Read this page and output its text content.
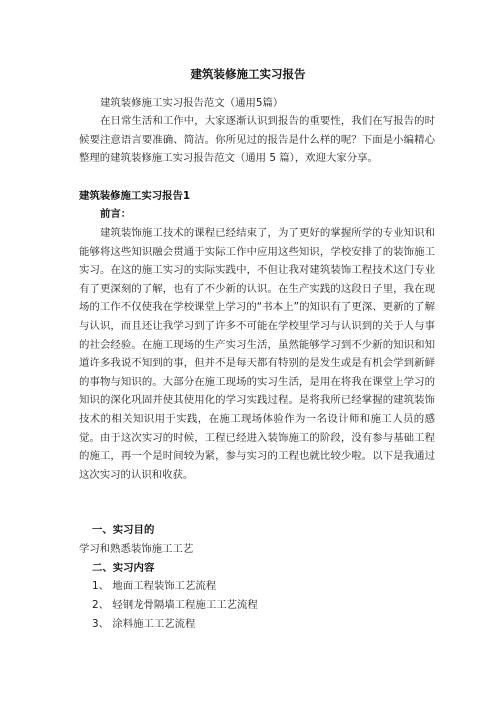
建筑装修施工实习报告
建筑装修施工实习报告范文（通用5篇）
在日常生活和工作中，大家逐渐认识到报告的重要性，我们在写报告的时候要注意语言要准确、简洁。你所见过的报告是什么样的呢？下面是小编精心整理的建筑装修施工实习报告范文（通用 5 篇），欢迎大家分享。
建筑装修施工实习报告1
前言：
建筑装饰施工技术的课程已经结束了，为了更好的掌握所学的专业知识和能够将这些知识融会贯通于实际工作中应用这些知识，学校安排了的装饰施工实习。在这的施工实习的实际实践中，不但让我对建筑装饰工程技术这门专业有了更深刻的了解，也有了不少新的认识。在生产实践的这段日子里，我在现场的工作不仅使我在学校课堂上学习的“书本上”的知识有了更深、更新的了解与认识，而且还让我学习到了许多不可能在学校里学习与认识到的关于人与事的社会经验。在施工现场的生产实习生活，虽然能够学习到不少新的知识和知道许多我说不知到的事，但并不是每天都有特别的是发生或是有机会学到新鲜的事物与知识的。大部分在施工现场的实习生活，是用在将我在课堂上学习的知识的深化巩固并使其使用化的学习实践过程。是将我所已经掌握的建筑装饰技术的相关知识用于实践，在施工现场体验作为一名设计师和施工人员的感觉。由于这次实习的时候，工程已经进入装饰施工的阶段，没有参与基础工程的施工，再一个是时间较为紧，参与实习的工程也就比较少啦。以下是我通过这次实习的认识和收获。
一、实习目的
学习和熟悉装饰施工工艺
二、实习内容
1、 地面工程装饰工艺流程
2、 轻钢龙骨隔墙工程施工工艺流程
3、 涂料施工工艺流程
